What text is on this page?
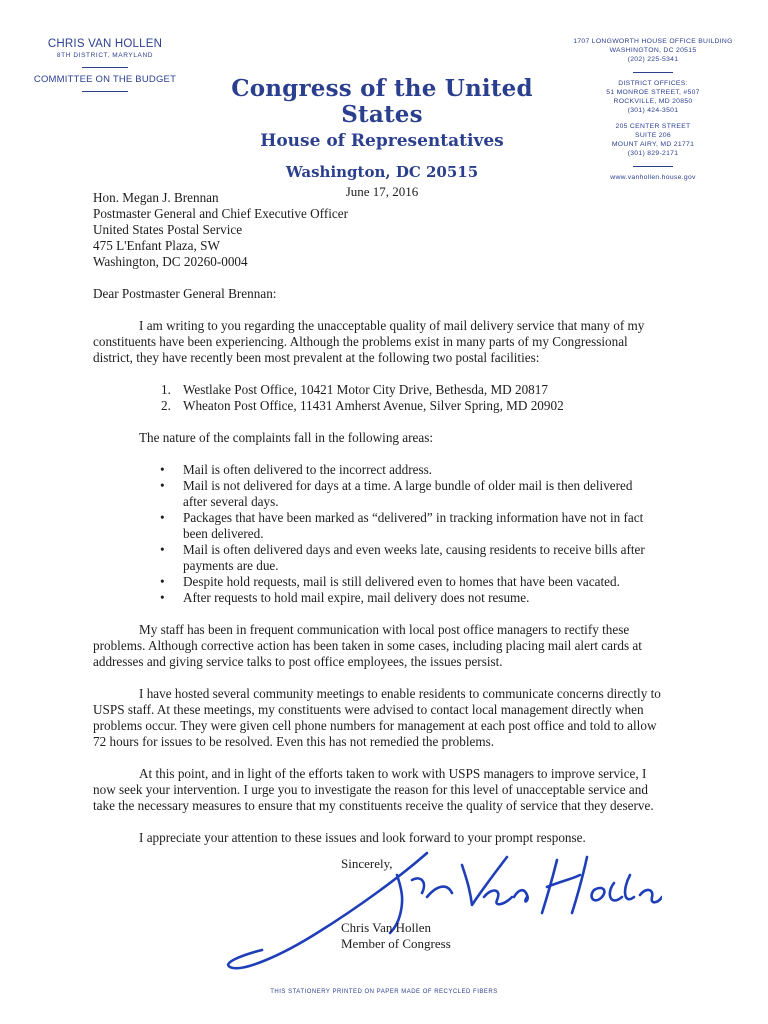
CHRIS VAN HOLLEN
8TH DISTRICT, MARYLAND
COMMITTEE ON THE BUDGET	Congress of the United States
House of Representatives
Washington, DC 20515
June 17, 2016
1707 LONGWORTH HOUSE OFFICE BUILDING
WASHINGTON, DC 20515
(202) 225-5341
DISTRICT OFFICES:
51 MONROE STREET, #507
ROCKVILLE, MD 20850
(301) 424-3501
205 CENTER STREET
SUITE 206
MOUNT AIRY, MD 21771
(301) 829-2171
www.vanhollen.house.gov
Hon. Megan J. Brennan
Postmaster General and Chief Executive Officer
United States Postal Service
475 L'Enfant Plaza, SW
Washington, DC 20260-0004
Dear Postmaster General Brennan:

I am writing to you regarding the unacceptable quality of mail delivery service that many of my constituents have been experiencing. Although the problems exist in many parts of my Congressional district, they have recently been most prevalent at the following two postal facilities:

1. Westlake Post Office, 10421 Motor City Drive, Bethesda, MD 20817
2. Wheaton Post Office, 11431 Amherst Avenue, Silver Spring, MD 20902
The nature of the complaints fall in the following areas:
• Mail is often delivered to the incorrect address.
• Mail is not delivered for days at a time. A large bundle of older mail is then delivered after several days.
• Packages that have been marked as “delivered” in tracking information have not in fact been delivered.
• Mail is often delivered days and even weeks late, causing residents to receive bills after payments are due.
• Despite hold requests, mail is still delivered even to homes that have been vacated.
• After requests to hold mail expire, mail delivery does not resume.

My staff has been in frequent communication with local post office managers to rectify these problems. Although corrective action has been taken in some cases, including placing mail alert cards at addresses and giving service talks to post office employees, the issues persist.

I have hosted several community meetings to enable residents to communicate concerns directly to USPS staff. At these meetings, my constituents were advised to contact local management directly when problems occur. They were given cell phone numbers for management at each post office and told to allow 72 hours for issues to be resolved. Even this has not remedied the problems.

At this point, and in light of the efforts taken to work with USPS managers to improve service, I now seek your intervention. I urge you to investigate the reason for this level of unacceptable service and take the necessary measures to ensure that my constituents receive the quality of service that they deserve.

I appreciate your attention to these issues and look forward to your prompt response.

Sincerely,
Chris Van Hollen
Member of Congress
THIS STATIONERY PRINTED ON PAPER MADE OF RECYCLED FIBERS
